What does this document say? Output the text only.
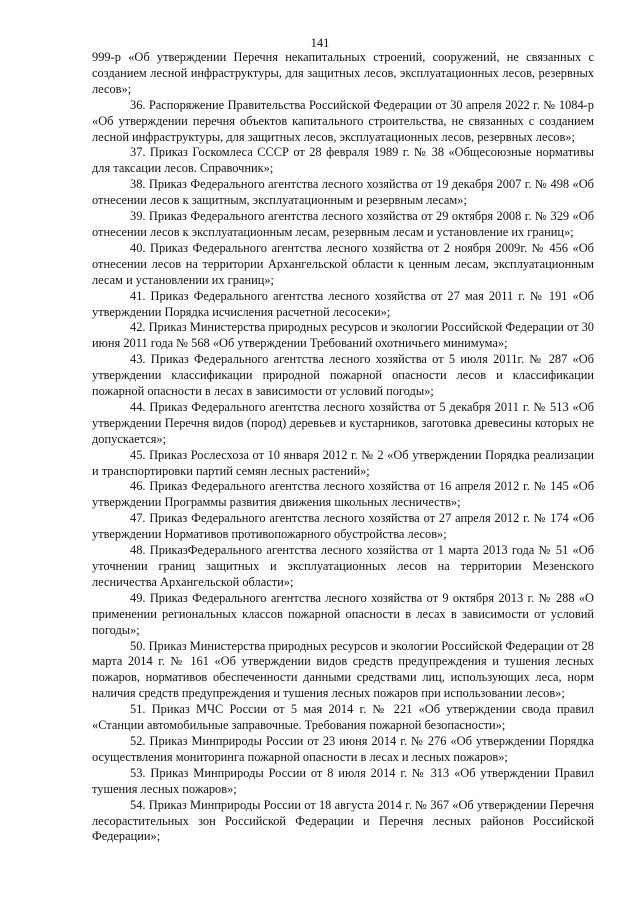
141

999-р «Об утверждении Перечня некапитальных строений, сооружений, не связанных с созданием лесной инфраструктуры, для защитных лесов, эксплуатационных лесов, резервных лесов»;

36. Распоряжение Правительства Российской Федерации от 30 апреля 2022 г. № 1084-р «Об утверждении перечня объектов капитального строительства, не связанных с созданием лесной инфраструктуры, для защитных лесов, эксплуатационных лесов, резервных лесов»;

37. Приказ Госкомлеса СССР от 28 февраля 1989 г. № 38 «Общесоюзные нормативы для таксации лесов. Справочник»;

38. Приказ Федерального агентства лесного хозяйства от 19 декабря 2007 г. № 498 «Об отнесении лесов к защитным, эксплуатационным и резервным лесам»;

39. Приказ Федерального агентства лесного хозяйства от 29 октября 2008 г. № 329 «Об отнесении лесов к эксплуатационным лесам, резервным лесам и установление их границ»;

40. Приказ Федерального агентства лесного хозяйства от 2 ноября 2009г. № 456 «Об отнесении лесов на территории Архангельской области к ценным лесам, эксплуатационным лесам и установлении их границ»;

41. Приказ Федерального агентства лесного хозяйства от 27 мая 2011 г. № 191 «Об утверждении Порядка исчисления расчетной лесосеки»;

42. Приказ Министерства природных ресурсов и экологии Российской Федерации от 30 июня 2011 года № 568 «Об утверждении Требований охотничьего минимума»;

43. Приказ Федерального агентства лесного хозяйства от 5 июля 2011г. № 287 «Об утверждении классификации природной пожарной опасности лесов и классификации пожарной опасности в лесах в зависимости от условий погоды»;

44. Приказ Федерального агентства лесного хозяйства от 5 декабря 2011 г. № 513 «Об утверждении Перечня видов (пород) деревьев и кустарников, заготовка древесины которых не допускается»;

45. Приказ Рослесхоза от 10 января 2012 г. № 2 «Об утверждении Порядка реализации и транспортировки партий семян лесных растений»;

46. Приказ Федерального агентства лесного хозяйства от 16 апреля 2012 г. № 145 «Об утверждении Программы развития движения школьных лесничеств»;

47. Приказ Федерального агентства лесного хозяйства от 27 апреля 2012 г. № 174 «Об утверждении Нормативов противопожарного обустройства лесов»;

48. ПриказФедерального агентства лесного хозяйства от 1 марта 2013 года № 51 «Об уточнении границ защитных и эксплуатационных лесов на территории Мезенского лесничества Архангельской области»;

49. Приказ Федерального агентства лесного хозяйства от 9 октября 2013 г. № 288 «О применении региональных классов пожарной опасности в лесах в зависимости от условий погоды»;

50. Приказ Министерства природных ресурсов и экологии Российской Федерации от 28 марта 2014 г. № 161 «Об утверждении видов средств предупреждения и тушения лесных пожаров, нормативов обеспеченности данными средствами лиц, использующих леса, норм наличия средств предупреждения и тушения лесных пожаров при использовании лесов»;

51. Приказ МЧС России от 5 мая 2014 г. № 221 «Об утверждении свода правил «Станции автомобильные заправочные. Требования пожарной безопасности»;

52. Приказ Минприроды России от 23 июня 2014 г. № 276 «Об утверждении Порядка осуществления мониторинга пожарной опасности в лесах и лесных пожаров»;

53. Приказ Минприроды России от 8 июля 2014 г. № 313 «Об утверждении Правил тушения лесных пожаров»;

54. Приказ Минприроды России от 18 августа 2014 г. № 367 «Об утверждении Перечня лесорастительных зон Российской Федерации и Перечня лесных районов Российской Федерации»;
